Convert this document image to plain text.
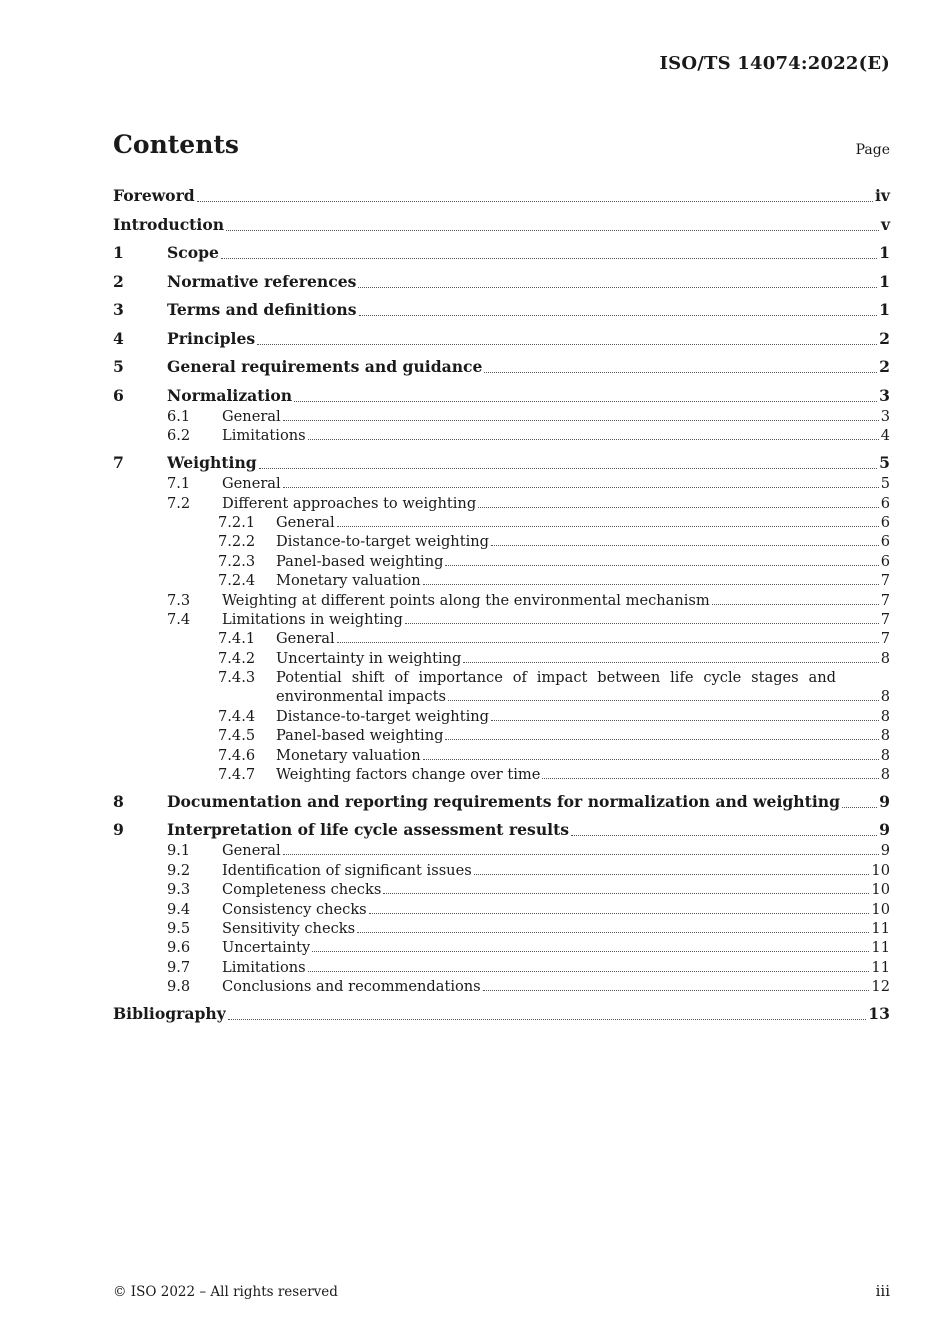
ISO/TS 14074:2022(E)
Contents	Page
Foreword	iv
Introduction	v
1	Scope	1
2	Normative references	1
3	Terms and definitions	1
4	Principles	2
5	General requirements and guidance	2
6	Normalization	3
6.1	General	3
6.2	Limitations	4
7	Weighting	5
7.1	General	5
7.2	Different approaches to weighting	6
7.2.1	General	6
7.2.2	Distance-to-target weighting	6
7.2.3	Panel-based weighting	6
7.2.4	Monetary valuation	7
7.3	Weighting at different points along the environmental mechanism	7
7.4	Limitations in weighting	7
7.4.1	General	7
7.4.2	Uncertainty in weighting	8
7.4.3	Potential shift of importance of impact between life cycle stages and
environmental impacts	8
7.4.4	Distance-to-target weighting	8
7.4.5	Panel-based weighting	8
7.4.6	Monetary valuation	8
7.4.7	Weighting factors change over time	8
8	Documentation and reporting requirements for normalization and weighting	9
9	Interpretation of life cycle assessment results	9
9.1	General	9
9.2	Identification of significant issues	10
9.3	Completeness checks	10
9.4	Consistency checks	10
9.5	Sensitivity checks	11
9.6	Uncertainty	11
9.7	Limitations	11
9.8	Conclusions and recommendations	12
Bibliography	13
© ISO 2022 – All rights reserved	iii
